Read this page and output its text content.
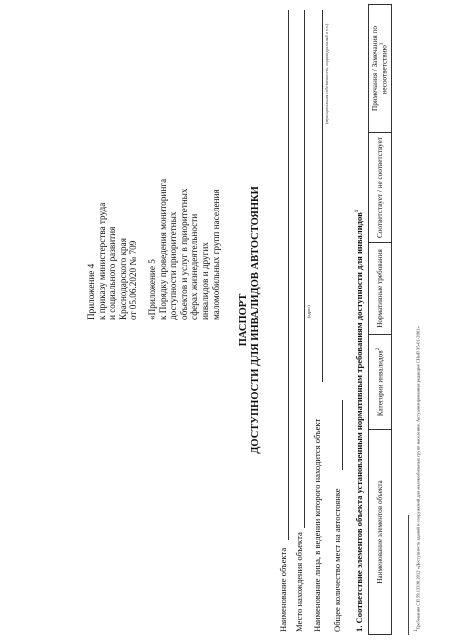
Приложение 4 к приказу министерства труда и социального развития Краснодарского края от 05.06.2020 № 709 «Приложение 5 к Порядку проведения мониторинга доступности приоритетных объектов и услуг в приоритетных сферах жизнедеятельности инвалидов и других маломобильных групп населения
ПАСПОРТ ДОСТУПНОСТИ ДЛЯ ИНВАЛИДОВ АВТОСТОЯНКИ
Наименование объекта Место нахождения объекта
(адрес)
Наименование лица, в ведении которого находится объект
(муниципальная собственность, индивидуальный и т.п.)
Общее количество мест на автостоянке 1. Соответствие элементов объекта установленным нормативным требованиям доступности для инвалидов$^1$
Наименование элементов объекта	Категории инвалидов$^2$	Нормативные требования	Соответствует / не соответствует	Примечания / Замечания по несоответствию$^3$
$^1$Требования СП 59.13330.2012 «Доступность зданий и сооружений для маломобильных групп населения. Актуализированная редакция СНиП 35-01-2001»
